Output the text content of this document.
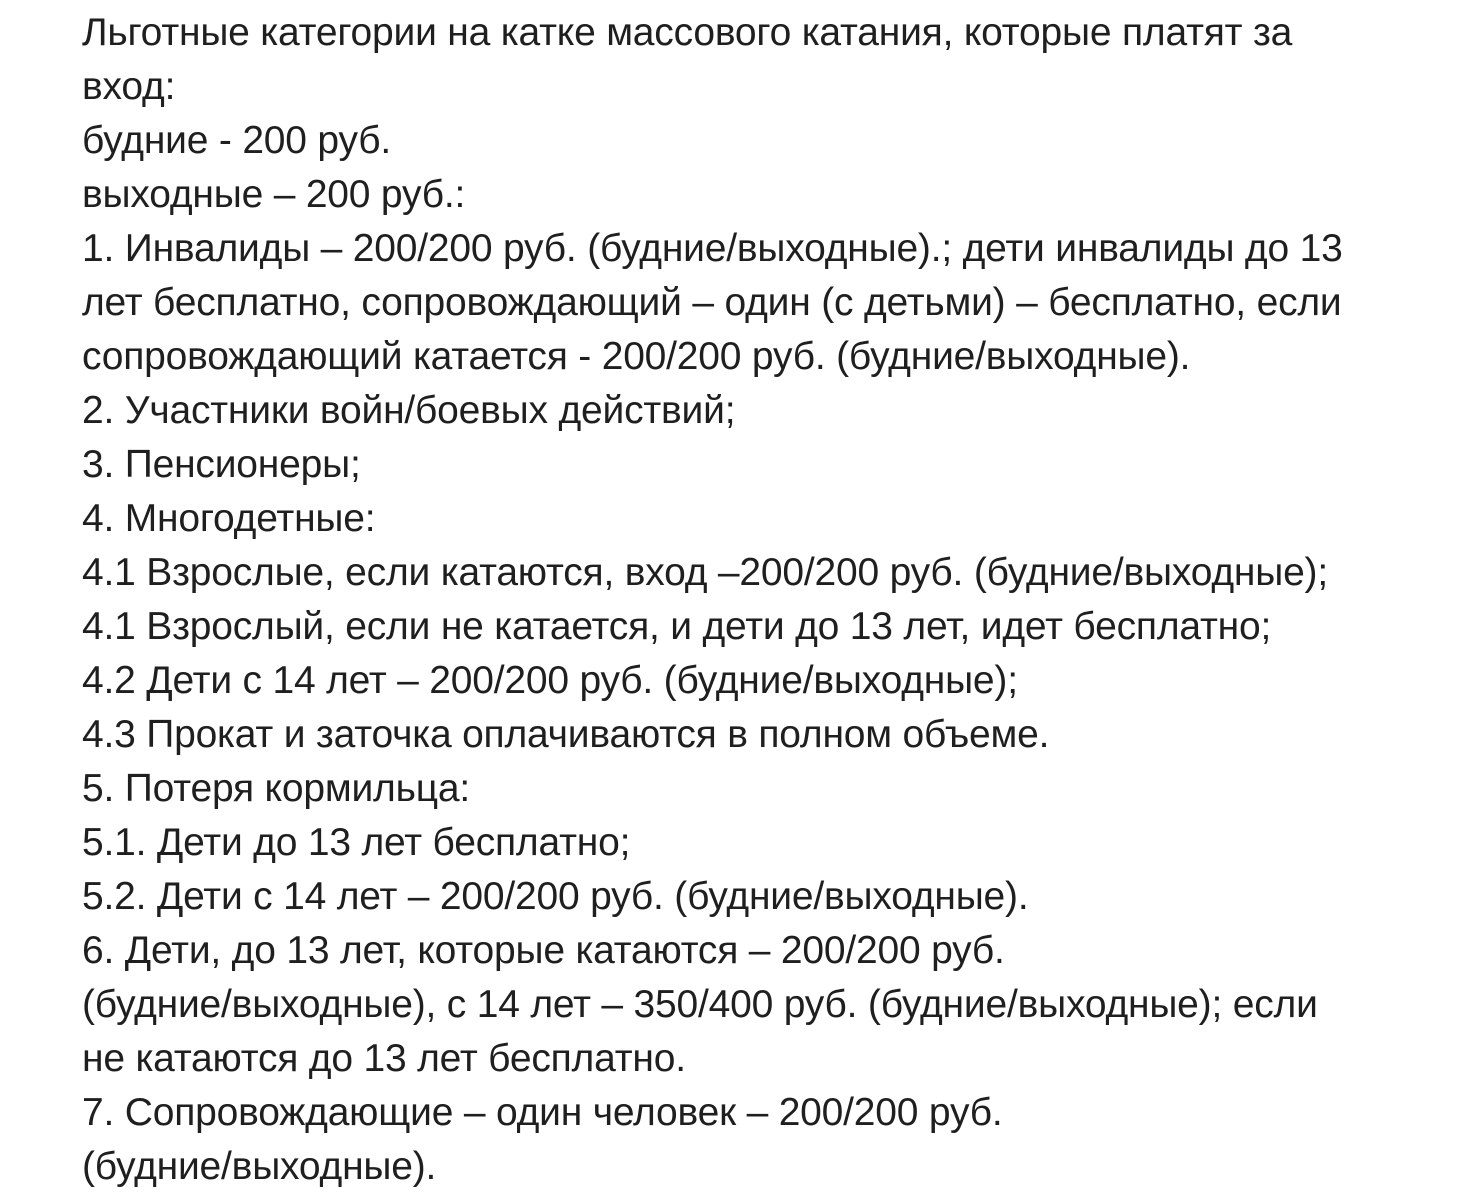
Льготные категории на катке массового катания, которые платят за
вход:
будние - 200 руб.
выходные – 200 руб.:
1. Инвалиды – 200/200 руб. (будние/выходные).; дети инвалиды до 13
лет бесплатно, сопровождающий – один (с детьми) – бесплатно, если
сопровождающий катается - 200/200 руб. (будние/выходные).
2. Участники войн/боевых действий;
3. Пенсионеры;
4. Многодетные:
4.1 Взрослые, если катаются, вход –200/200 руб. (будние/выходные);
4.1 Взрослый, если не катается, и дети до 13 лет, идет бесплатно;
4.2 Дети с 14 лет – 200/200 руб. (будние/выходные);
4.3 Прокат и заточка оплачиваются в полном объеме.
5. Потеря кормильца:
5.1. Дети до 13 лет бесплатно;
5.2. Дети с 14 лет – 200/200 руб. (будние/выходные).
6. Дети, до 13 лет, которые катаются – 200/200 руб.
(будние/выходные), с 14 лет – 350/400 руб. (будние/выходные); если
не катаются до 13 лет бесплатно.
7. Сопровождающие – один человек – 200/200 руб.
(будние/выходные).
